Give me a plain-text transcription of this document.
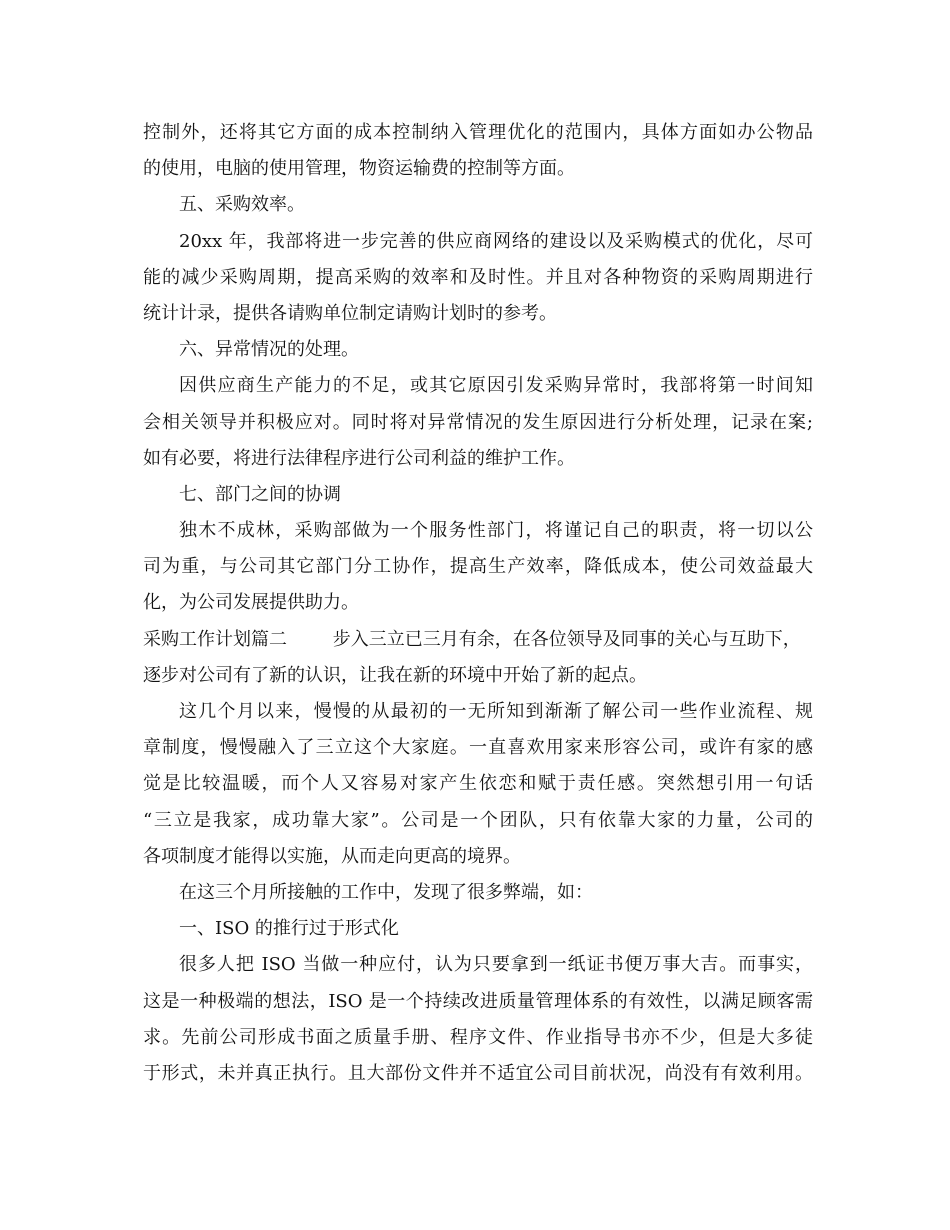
控制外，还将其它方面的成本控制纳入管理优化的范围内，具体方面如办公物品
的使用，电脑的使用管理，物资运输费的控制等方面。
五、采购效率。
20xx 年，我部将进一步完善的供应商网络的建设以及采购模式的优化，尽可
能的减少采购周期，提高采购的效率和及时性。并且对各种物资的采购周期进行
统计计录，提供各请购单位制定请购计划时的参考。
六、异常情况的处理。
因供应商生产能力的不足，或其它原因引发采购异常时，我部将第一时间知
会相关领导并积极应对。同时将对异常情况的发生原因进行分析处理，记录在案;
如有必要，将进行法律程序进行公司利益的维护工作。
七、部门之间的协调
独木不成林，采购部做为一个服务性部门，将谨记自己的职责，将一切以公
司为重，与公司其它部门分工协作，提高生产效率，降低成本，使公司效益最大
化，为公司发展提供助力。
采购工作计划篇二        步入三立已三月有余，在各位领导及同事的关心与互助下，
逐步对公司有了新的认识，让我在新的环境中开始了新的起点。
这几个月以来，慢慢的从最初的一无所知到渐渐了解公司一些作业流程、规
章制度，慢慢融入了三立这个大家庭。一直喜欢用家来形容公司，或许有家的感
觉是比较温暖，而个人又容易对家产生依恋和赋于责任感。突然想引用一句话
“三立是我家，成功靠大家”。公司是一个团队，只有依靠大家的力量，公司的
各项制度才能得以实施，从而走向更高的境界。
在这三个月所接触的工作中，发现了很多弊端，如：
一、ISO 的推行过于形式化
很多人把 ISO 当做一种应付，认为只要拿到一纸证书便万事大吉。而事实，
这是一种极端的想法，ISO 是一个持续改进质量管理体系的有效性，以满足顾客需
求。先前公司形成书面之质量手册、程序文件、作业指导书亦不少，但是大多徒
于形式，未并真正执行。且大部份文件并不适宜公司目前状况，尚没有有效利用。
